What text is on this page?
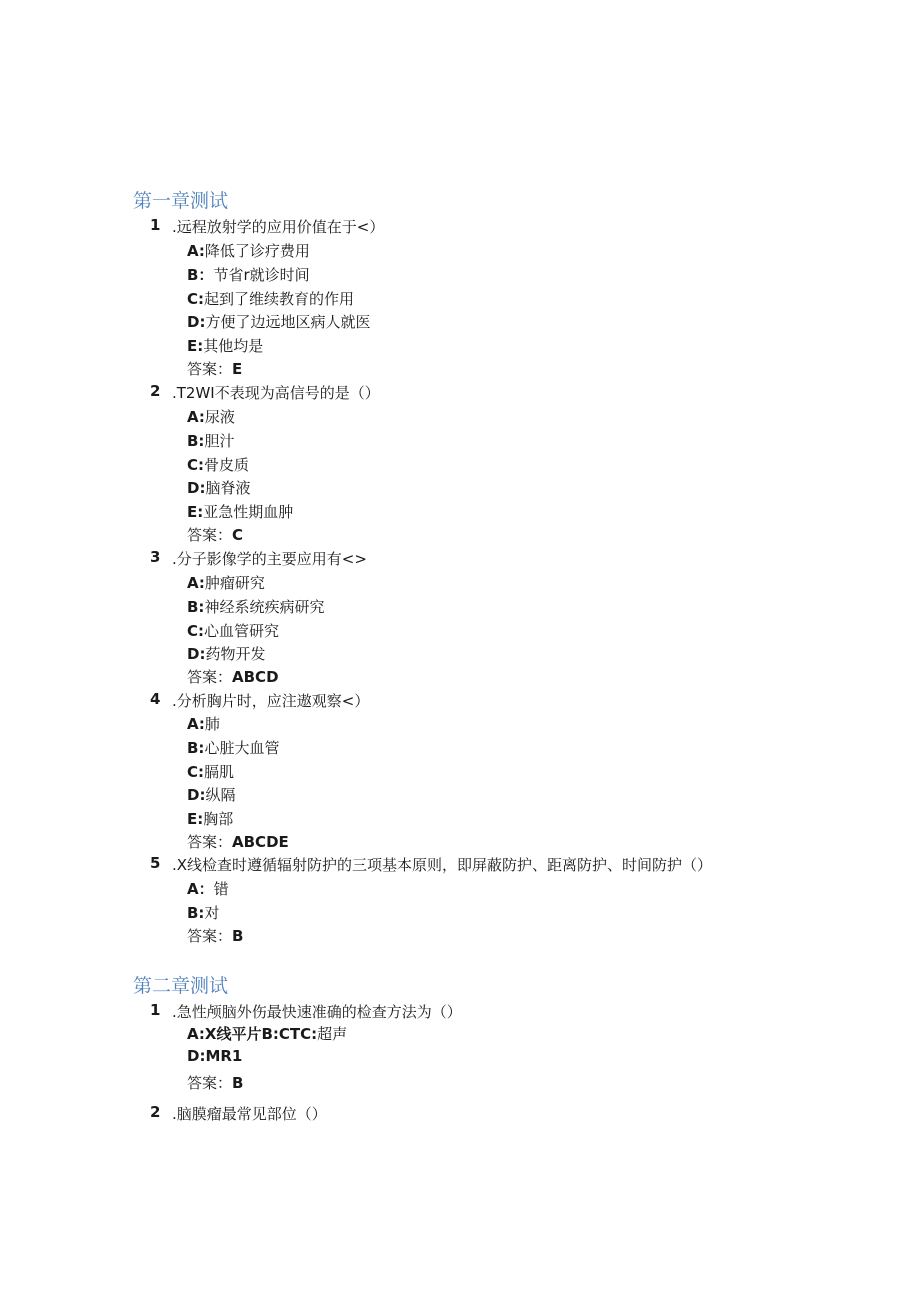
第一章测试
1 .远程放射学的应用价值在于<）
A:降低了诊疗费用
B：节省r就诊时间
C:起到了维续教育的作用
D:方便了边远地区病人就医
E:其他均是
答案：E
2 .T2WI不表现为高信号的是（）
A:尿液
B:胆汁
C:骨皮质
D:脑脊液
E:亚急性期血肿
答案：C
3 .分子影像学的主要应用有<>
A:肿瘤研究
B:神经系统疾病研究
C:心血管研究
D:药物开发
答案：ABCD
4 .分析胸片时，应注遨观察<）
A:肺
B:心脏大血管
C:膈肌
D:纵隔
E:胸部
答案：ABCDE
5 .X线检查时遵循辐射防护的三项基本原则，即屏蔽防护、距离防护、时间防护（）
A：错
B:对
答案：B
第二章测试
1 .急性颅脑外伤最快速准确的检查方法为（）
A:X线平片B:CTC:超声
D:MR1
答案：B
2 .脑膜瘤最常见部位（）
